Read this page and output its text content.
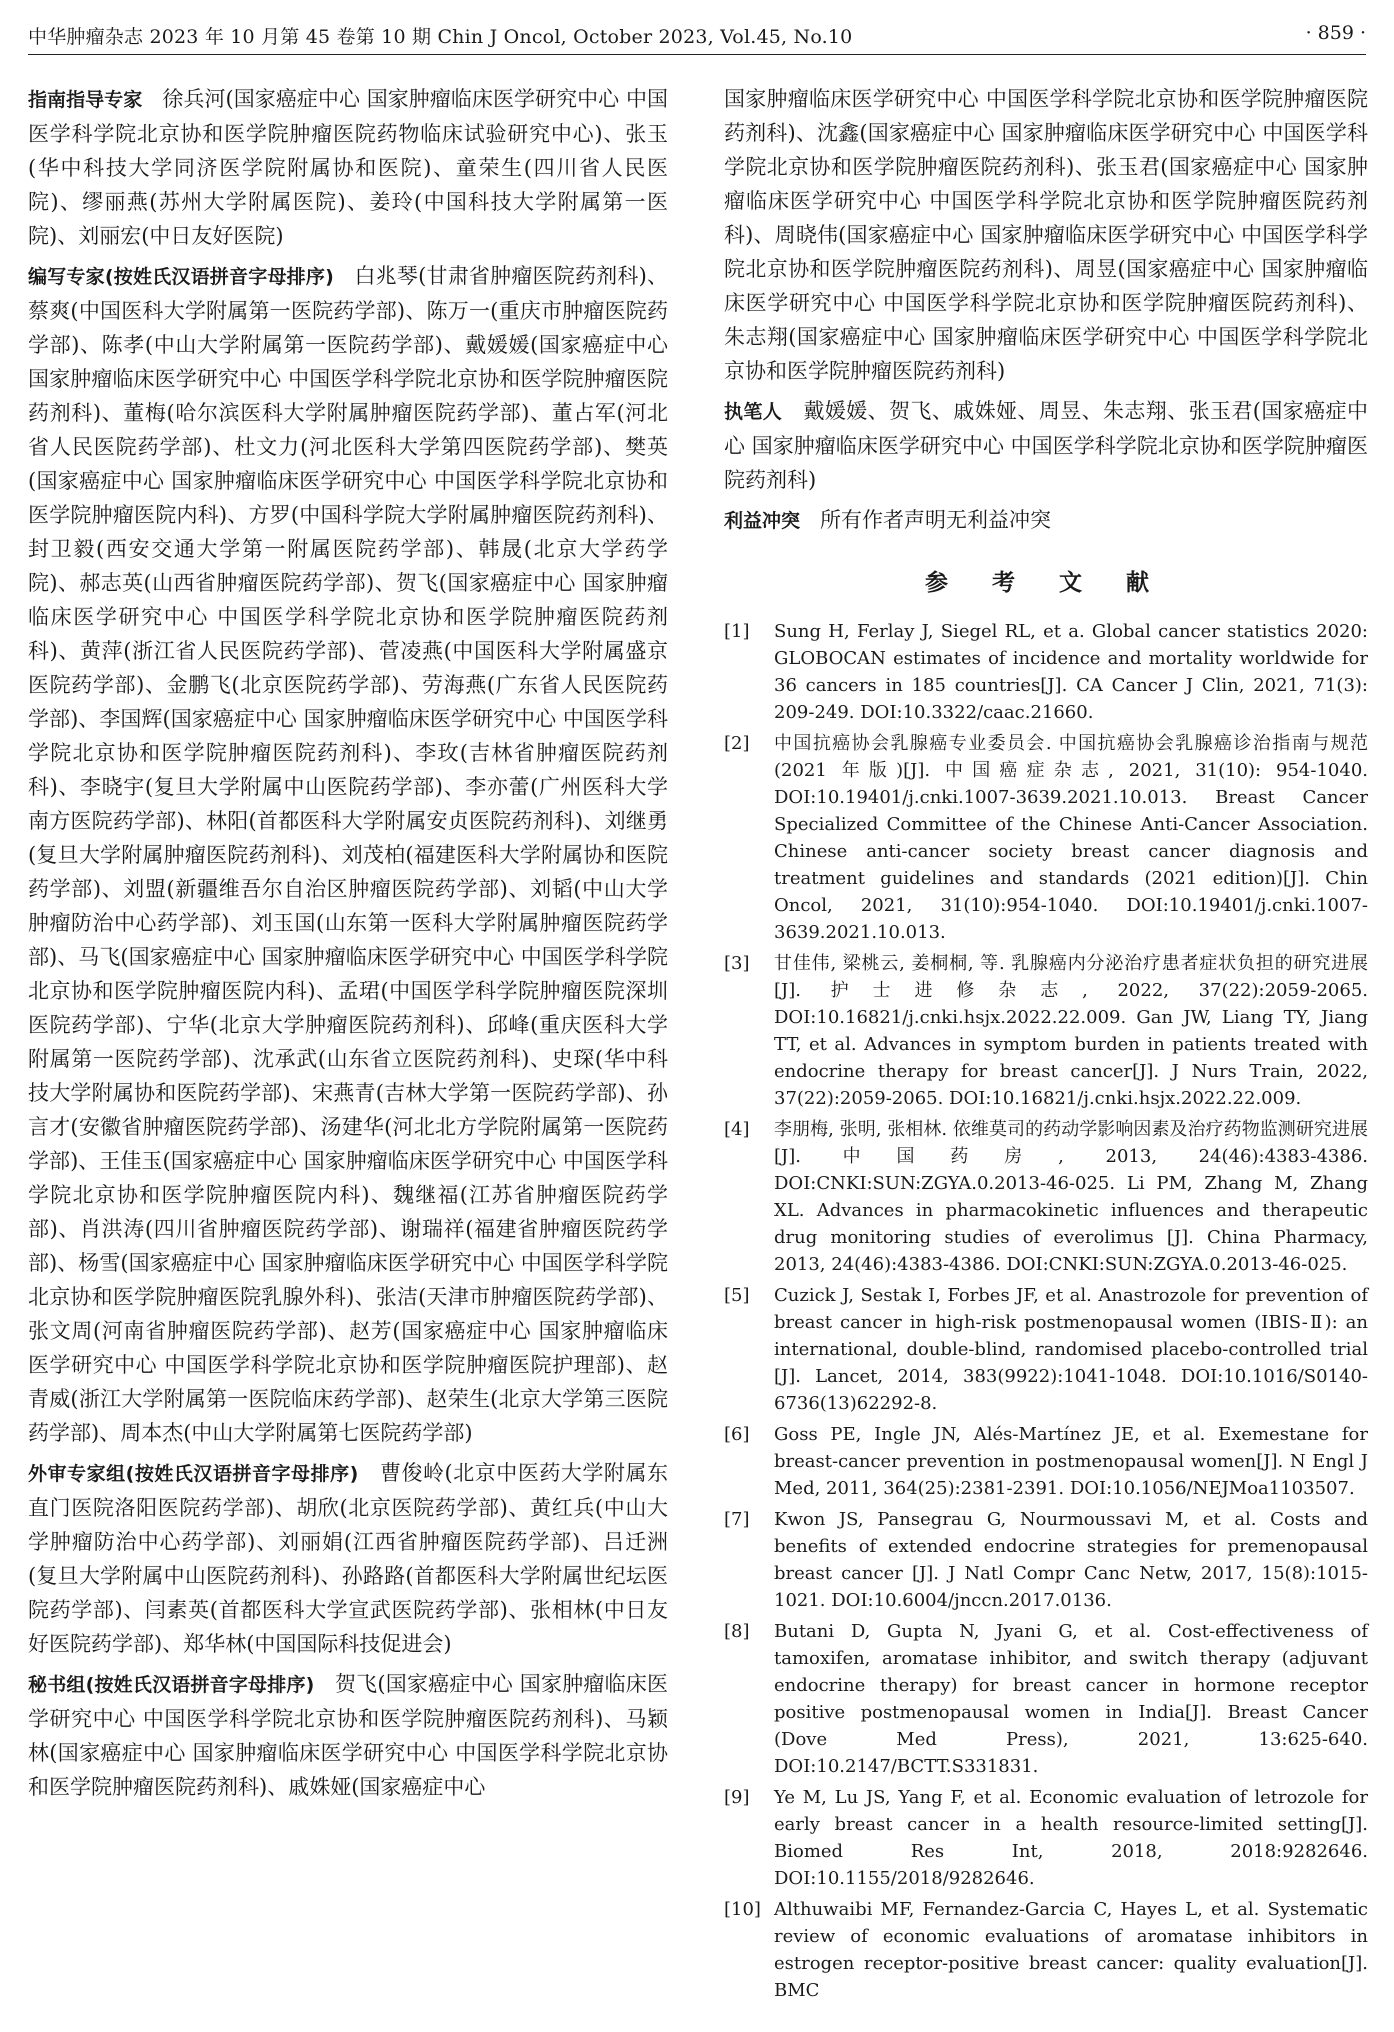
中华肿瘤杂志 2023 年 10 月第 45 卷第 10 期 Chin J Oncol, October 2023, Vol.45, No.10	· 859 ·

指南指导专家 徐兵河(国家癌症中心 国家肿瘤临床医学研究中心 中国医学科学院北京协和医学院肿瘤医院药物临床试验研究中心)、张玉(华中科技大学同济医学院附属协和医院)、童荣生(四川省人民医院)、缪丽燕(苏州大学附属医院)、姜玲(中国科技大学附属第一医院)、刘丽宏(中日友好医院)

编写专家(按姓氏汉语拼音字母排序) 白兆琴(甘肃省肿瘤医院药剂科)、蔡爽(中国医科大学附属第一医院药学部)、陈万一(重庆市肿瘤医院药学部)、陈孝(中山大学附属第一医院药学部)、戴媛媛(国家癌症中心 国家肿瘤临床医学研究中心 中国医学科学院北京协和医学院肿瘤医院药剂科)、董梅(哈尔滨医科大学附属肿瘤医院药学部)、董占军(河北省人民医院药学部)、杜文力(河北医科大学第四医院药学部)、樊英(国家癌症中心 国家肿瘤临床医学研究中心 中国医学科学院北京协和医学院肿瘤医院内科)、方罗(中国科学院大学附属肿瘤医院药剂科)、封卫毅(西安交通大学第一附属医院药学部)、韩晟(北京大学药学院)、郝志英(山西省肿瘤医院药学部)、贺飞(国家癌症中心 国家肿瘤临床医学研究中心 中国医学科学院北京协和医学院肿瘤医院药剂科)、黄萍(浙江省人民医院药学部)、菅凌燕(中国医科大学附属盛京医院药学部)、金鹏飞(北京医院药学部)、劳海燕(广东省人民医院药学部)、李国辉(国家癌症中心 国家肿瘤临床医学研究中心 中国医学科学院北京协和医学院肿瘤医院药剂科)、李玫(吉林省肿瘤医院药剂科)、李晓宇(复旦大学附属中山医院药学部)、李亦蕾(广州医科大学南方医院药学部)、林阳(首都医科大学附属安贞医院药剂科)、刘继勇(复旦大学附属肿瘤医院药剂科)、刘茂柏(福建医科大学附属协和医院药学部)、刘盟(新疆维吾尔自治区肿瘤医院药学部)、刘韬(中山大学肿瘤防治中心药学部)、刘玉国(山东第一医科大学附属肿瘤医院药学部)、马飞(国家癌症中心 国家肿瘤临床医学研究中心 中国医学科学院北京协和医学院肿瘤医院内科)、孟珺(中国医学科学院肿瘤医院深圳医院药学部)、宁华(北京大学肿瘤医院药剂科)、邱峰(重庆医科大学附属第一医院药学部)、沈承武(山东省立医院药剂科)、史琛(华中科技大学附属协和医院药学部)、宋燕青(吉林大学第一医院药学部)、孙言才(安徽省肿瘤医院药学部)、汤建华(河北北方学院附属第一医院药学部)、王佳玉(国家癌症中心 国家肿瘤临床医学研究中心 中国医学科学院北京协和医学院肿瘤医院内科)、魏继福(江苏省肿瘤医院药学部)、肖洪涛(四川省肿瘤医院药学部)、谢瑞祥(福建省肿瘤医院药学部)、杨雪(国家癌症中心 国家肿瘤临床医学研究中心 中国医学科学院北京协和医学院肿瘤医院乳腺外科)、张洁(天津市肿瘤医院药学部)、张文周(河南省肿瘤医院药学部)、赵芳(国家癌症中心 国家肿瘤临床医学研究中心 中国医学科学院北京协和医学院肿瘤医院护理部)、赵青威(浙江大学附属第一医院临床药学部)、赵荣生(北京大学第三医院药学部)、周本杰(中山大学附属第七医院药学部)

外审专家组(按姓氏汉语拼音字母排序) 曹俊岭(北京中医药大学附属东直门医院洛阳医院药学部)、胡欣(北京医院药学部)、黄红兵(中山大学肿瘤防治中心药学部)、刘丽娟(江西省肿瘤医院药学部)、吕迁洲(复旦大学附属中山医院药剂科)、孙路路(首都医科大学附属世纪坛医院药学部)、闫素英(首都医科大学宣武医院药学部)、张相林(中日友好医院药学部)、郑华林(中国国际科技促进会)

秘书组(按姓氏汉语拼音字母排序) 贺飞(国家癌症中心 国家肿瘤临床医学研究中心 中国医学科学院北京协和医学院肿瘤医院药剂科)、马颖林(国家癌症中心 国家肿瘤临床医学研究中心 中国医学科学院北京协和医学院肿瘤医院药剂科)、戚姝娅(国家癌症中心

国家肿瘤临床医学研究中心 中国医学科学院北京协和医学院肿瘤医院药剂科)、沈鑫(国家癌症中心 国家肿瘤临床医学研究中心 中国医学科学院北京协和医学院肿瘤医院药剂科)、张玉君(国家癌症中心 国家肿瘤临床医学研究中心 中国医学科学院北京协和医学院肿瘤医院药剂科)、周晓伟(国家癌症中心 国家肿瘤临床医学研究中心 中国医学科学院北京协和医学院肿瘤医院药剂科)、周昱(国家癌症中心 国家肿瘤临床医学研究中心 中国医学科学院北京协和医学院肿瘤医院药剂科)、朱志翔(国家癌症中心 国家肿瘤临床医学研究中心 中国医学科学院北京协和医学院肿瘤医院药剂科)

执笔人 戴媛媛、贺飞、戚姝娅、周昱、朱志翔、张玉君(国家癌症中心 国家肿瘤临床医学研究中心 中国医学科学院北京协和医学院肿瘤医院药剂科)

利益冲突 所有作者声明无利益冲突

参 考 文 献
[1]	Sung H, Ferlay J, Siegel RL, et a. Global cancer statistics 2020: GLOBOCAN estimates of incidence and mortality worldwide for 36 cancers in 185 countries[J]. CA Cancer J Clin, 2021, 71(3): 209-249. DOI:10.3322/caac.21660.
[2]	中国抗癌协会乳腺癌专业委员会. 中国抗癌协会乳腺癌诊治指南与规范(2021 年版)[J]. 中国癌症杂志, 2021, 31(10): 954-1040. DOI:10.19401/j.cnki.1007-3639.2021.10.013. Breast Cancer Specialized Committee of the Chinese Anti-Cancer Association. Chinese anti-cancer society breast cancer diagnosis and treatment guidelines and standards (2021 edition)[J]. Chin Oncol, 2021, 31(10):954-1040. DOI:10.19401/j.cnki.1007-3639.2021.10.013.
[3]	甘佳伟, 梁桃云, 姜桐桐, 等. 乳腺癌内分泌治疗患者症状负担的研究进展[J]. 护士进修杂志, 2022, 37(22):2059-2065. DOI:10.16821/j.cnki.hsjx.2022.22.009. Gan JW, Liang TY, Jiang TT, et al. Advances in symptom burden in patients treated with endocrine therapy for breast cancer[J]. J Nurs Train, 2022, 37(22):2059-2065. DOI:10.16821/j.cnki.hsjx.2022.22.009.
[4]	李朋梅, 张明, 张相林. 依维莫司的药动学影响因素及治疗药物监测研究进展[J]. 中国药房, 2013, 24(46):4383-4386. DOI:CNKI:SUN:ZGYA.0.2013-46-025. Li PM, Zhang M, Zhang XL. Advances in pharmacokinetic influences and therapeutic drug monitoring studies of everolimus [J]. China Pharmacy, 2013, 24(46):4383-4386. DOI:CNKI:SUN:ZGYA.0.2013-46-025.
[5]	Cuzick J, Sestak I, Forbes JF, et al. Anastrozole for prevention of breast cancer in high-risk postmenopausal women (IBIS-Ⅱ): an international, double-blind, randomised placebo-controlled trial [J]. Lancet, 2014, 383(9922):1041-1048. DOI:10.1016/S0140-6736(13)62292-8.
[6]	Goss PE, Ingle JN, Alés-Martínez JE, et al. Exemestane for breast-cancer prevention in postmenopausal women[J]. N Engl J Med, 2011, 364(25):2381-2391. DOI:10.1056/NEJMoa1103507.
[7]	Kwon JS, Pansegrau G, Nourmoussavi M, et al. Costs and benefits of extended endocrine strategies for premenopausal breast cancer [J]. J Natl Compr Canc Netw, 2017, 15(8):1015-1021. DOI:10.6004/jnccn.2017.0136.
[8]	Butani D, Gupta N, Jyani G, et al. Cost-effectiveness of tamoxifen, aromatase inhibitor, and switch therapy (adjuvant endocrine therapy) for breast cancer in hormone receptor positive postmenopausal women in India[J]. Breast Cancer (Dove Med Press), 2021, 13:625-640. DOI:10.2147/BCTT.S331831.
[9]	Ye M, Lu JS, Yang F, et al. Economic evaluation of letrozole for early breast cancer in a health resource-limited setting[J]. Biomed Res Int, 2018, 2018:9282646. DOI:10.1155/2018/9282646.
[10] Althuwaibi MF, Fernandez-Garcia C, Hayes L, et al. Systematic review of economic evaluations of aromatase inhibitors in estrogen receptor-positive breast cancer: quality evaluation[J]. BMC
